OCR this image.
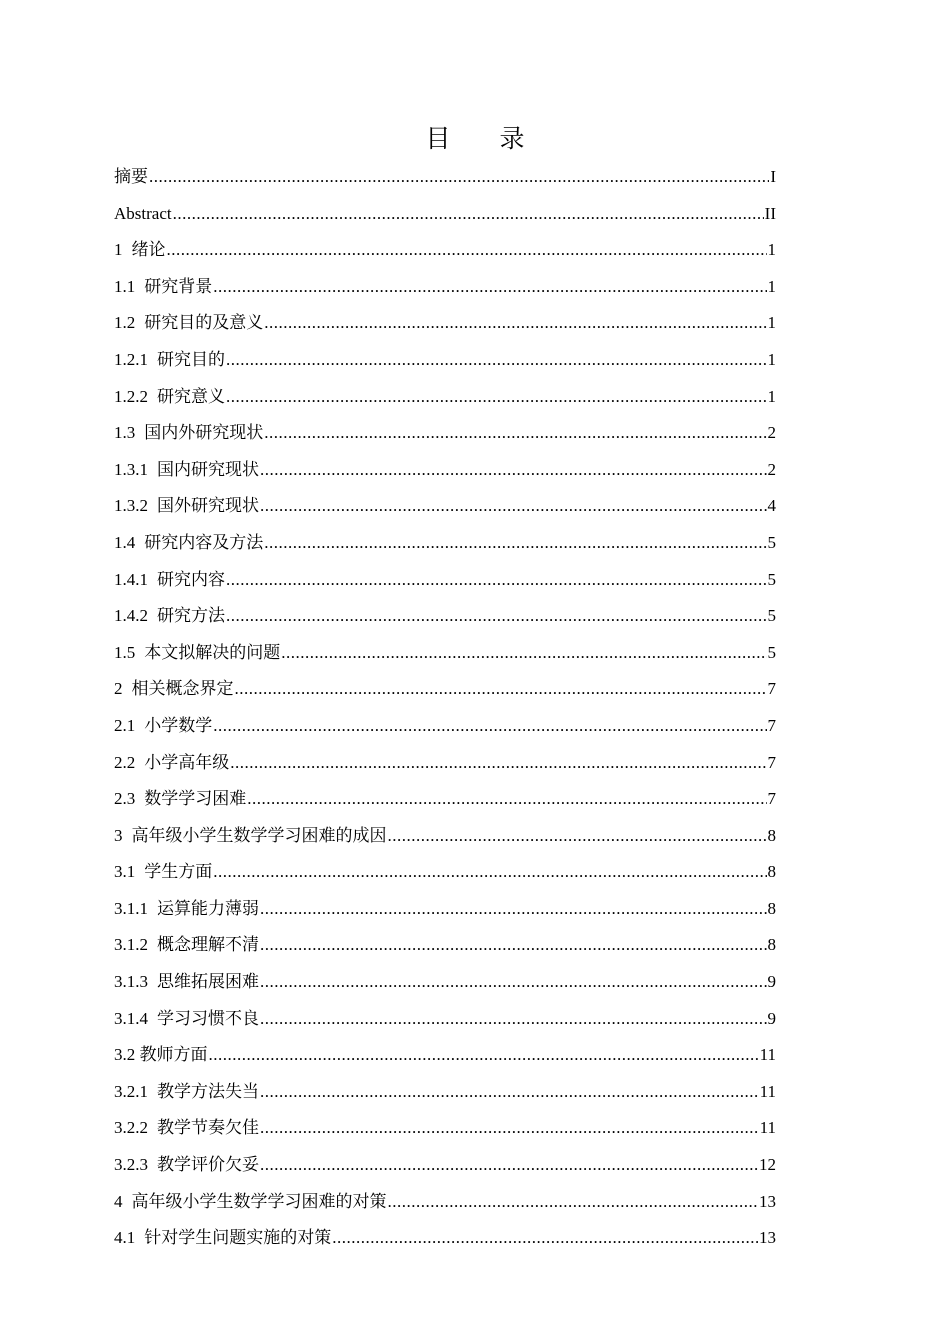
目　录
摘要 .....	I
Abstract .....	II
1 绪论 .....	1
1.1 研究背景 .....	1
1.2 研究目的及意义 .....	1
1.2.1 研究目的 .....	1
1.2.2 研究意义 .....	1
1.3 国内外研究现状 .....	2
1.3.1 国内研究现状 .....	2
1.3.2 国外研究现状 .....	4
1.4 研究内容及方法 .....	5
1.4.1 研究内容 .....	5
1.4.2 研究方法 .....	5
1.5 本文拟解决的问题 .....	5
2 相关概念界定 .....	7
2.1 小学数学 .....	7
2.2 小学高年级 .....	7
2.3 数学学习困难 .....	7
3 高年级小学生数学学习困难的成因 .....	8
3.1 学生方面 .....	8
3.1.1 运算能力薄弱 .....	8
3.1.2 概念理解不清 .....	8
3.1.3 思维拓展困难 .....	9
3.1.4 学习习惯不良 .....	9
3.2 教师方面 .....	11
3.2.1 教学方法失当 .....	11
3.2.2 教学节奏欠佳 .....	11
3.2.3 教学评价欠妥 .....	12
4 高年级小学生数学学习困难的对策 .....	13
4.1 针对学生问题实施的对策 .....	13
